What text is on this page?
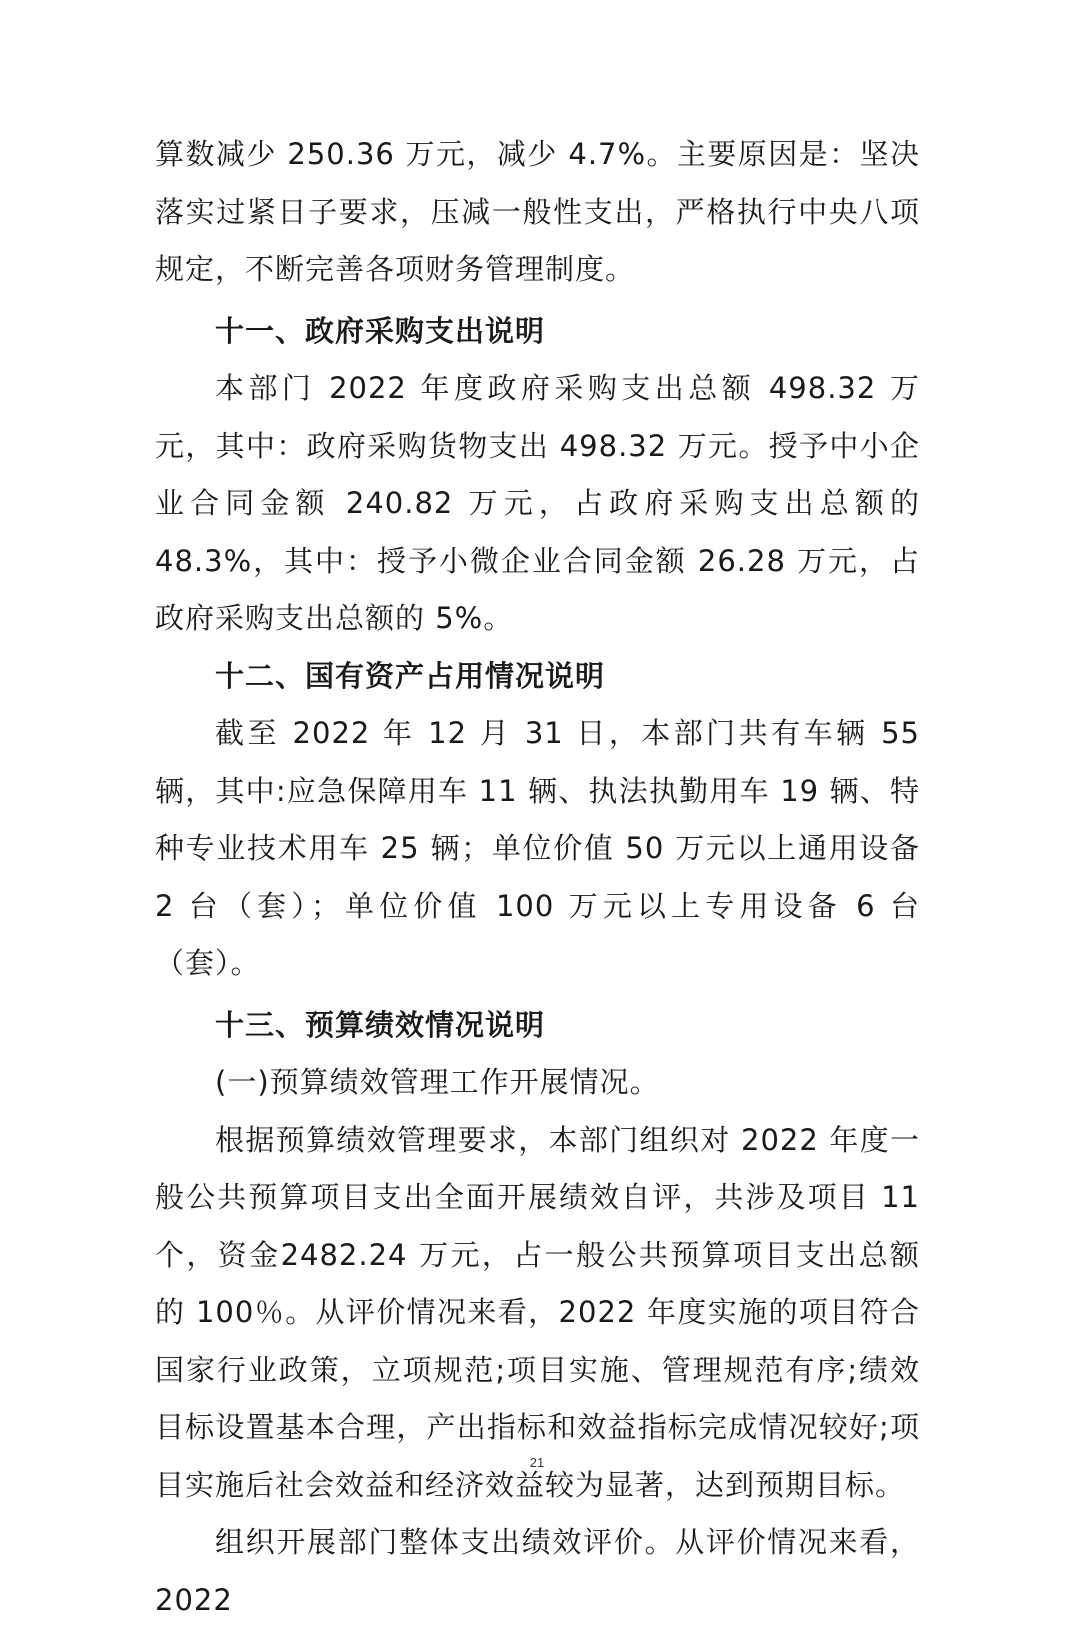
算数减少 250.36 万元，减少 4.7%。主要原因是：坚决落实过紧日子要求，压减一般性支出，严格执行中央八项规定，不断完善各项财务管理制度。

十一、政府采购支出说明

本部门 2022 年度政府采购支出总额 498.32 万元，其中：政府采购货物支出 498.32 万元。授予中小企业合同金额 240.82 万元，占政府采购支出总额的 48.3%，其中：授予小微企业合同金额 26.28 万元，占政府采购支出总额的 5%。

十二、国有资产占用情况说明

截至 2022 年 12 月 31 日，本部门共有车辆 55 辆，其中:应急保障用车 11 辆、执法执勤用车 19 辆、特种专业技术用车 25 辆；单位价值 50 万元以上通用设备 2 台（套）；单位价值 100 万元以上专用设备 6 台（套）。

十三、预算绩效情况说明

(一)预算绩效管理工作开展情况。

根据预算绩效管理要求，本部门组织对 2022 年度一般公共预算项目支出全面开展绩效自评，共涉及项目 11 个，资金2482.24 万元，占一般公共预算项目支出总额的 100％。从评价情况来看，2022 年度实施的项目符合国家行业政策，立项规范;项目实施、管理规范有序;绩效目标设置基本合理，产出指标和效益指标完成情况较好;项目实施后社会效益和经济效益较为显著，达到预期目标。

组织开展部门整体支出绩效评价。从评价情况来看，2022

21
